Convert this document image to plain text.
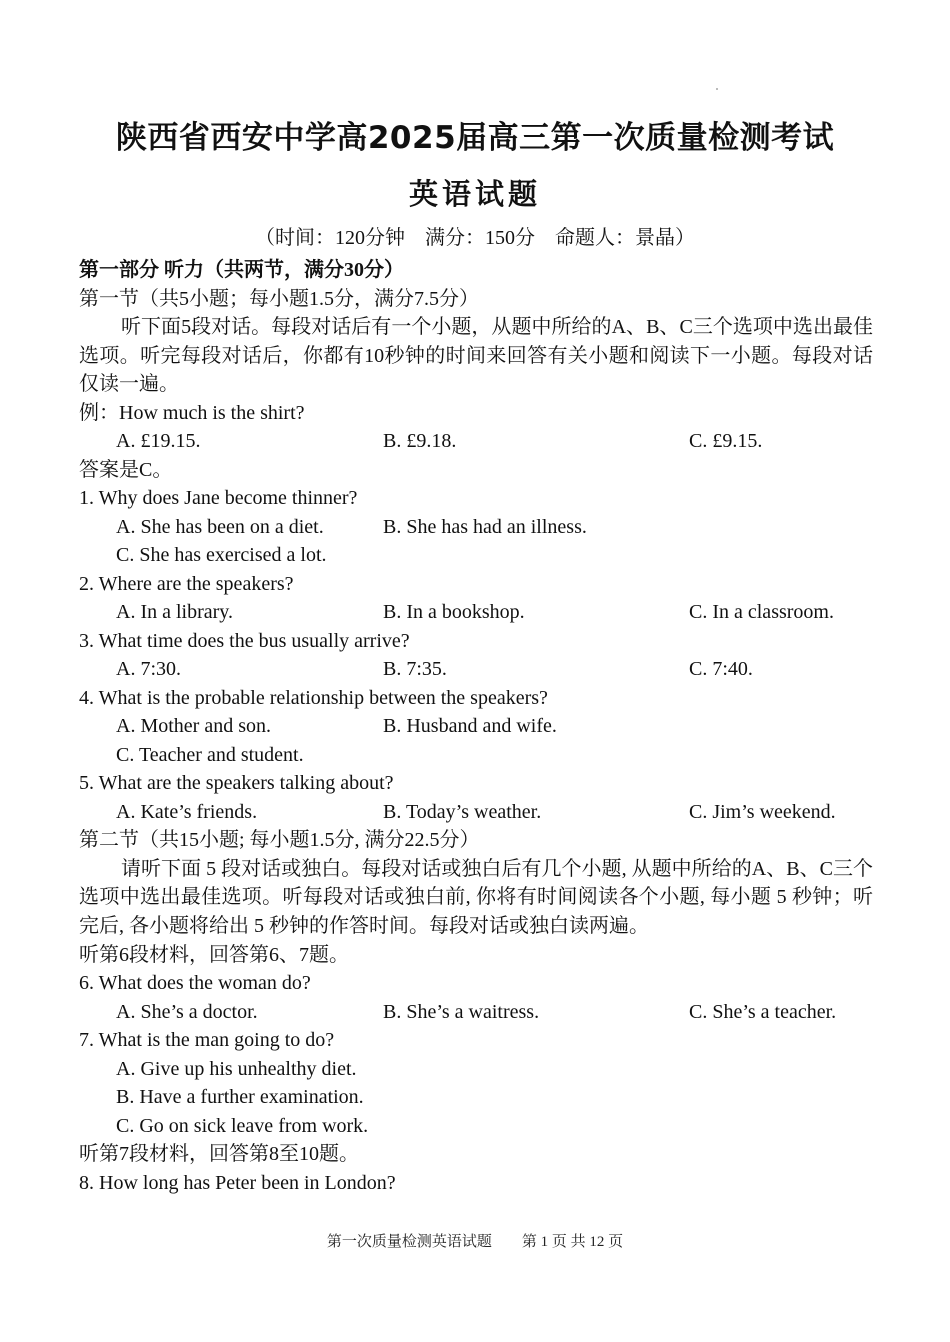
陕西省西安中学高2025届高三第一次质量检测考试
英语试题
（时间：120分钟　满分：150分　命题人：景晶）
第一部分 听力（共两节，满分30分）
第一节（共5小题；每小题1.5分，满分7.5分）

听下面5段对话。每段对话后有一个小题，从题中所给的A、B、C三个选项中选出最佳选项。听完每段对话后，你都有10秒钟的时间来回答有关小题和阅读下一小题。每段对话仅读一遍。

例：How much is the shirt?
A. £19.15.	B. £9.18.	C. £9.15.
答案是C。
1. Why does Jane become thinner?
A. She has been on a diet.	B. She has had an illness.
C. She has exercised a lot.
2. Where are the speakers?
A. In a library.	B. In a bookshop.	C. In a classroom.
3. What time does the bus usually arrive?
A. 7:30.	B. 7:35.	C. 7:40.
4. What is the probable relationship between the speakers?
A. Mother and son.	B. Husband and wife.
C. Teacher and student.
5. What are the speakers talking about?
A. Kate’s friends.	B. Today’s weather.	C. Jim’s weekend.
第二节（共15小题; 每小题1.5分, 满分22.5分）

请听下面 5 段对话或独白。每段对话或独白后有几个小题, 从题中所给的A、B、C三个选项中选出最佳选项。听每段对话或独白前, 你将有时间阅读各个小题, 每小题 5 秒钟；听完后, 各小题将给出 5 秒钟的作答时间。每段对话或独白读两遍。

听第6段材料，回答第6、7题。
6. What does the woman do?
A. She’s a doctor.	B. She’s a waitress.	C. She’s a teacher.
7. What is the man going to do?
A. Give up his unhealthy diet.
B. Have a further examination.
C. Go on sick leave from work.
听第7段材料，回答第8至10题。
8. How long has Peter been in London?
第一次质量检测英语试题　　第 1 页 共 12 页
